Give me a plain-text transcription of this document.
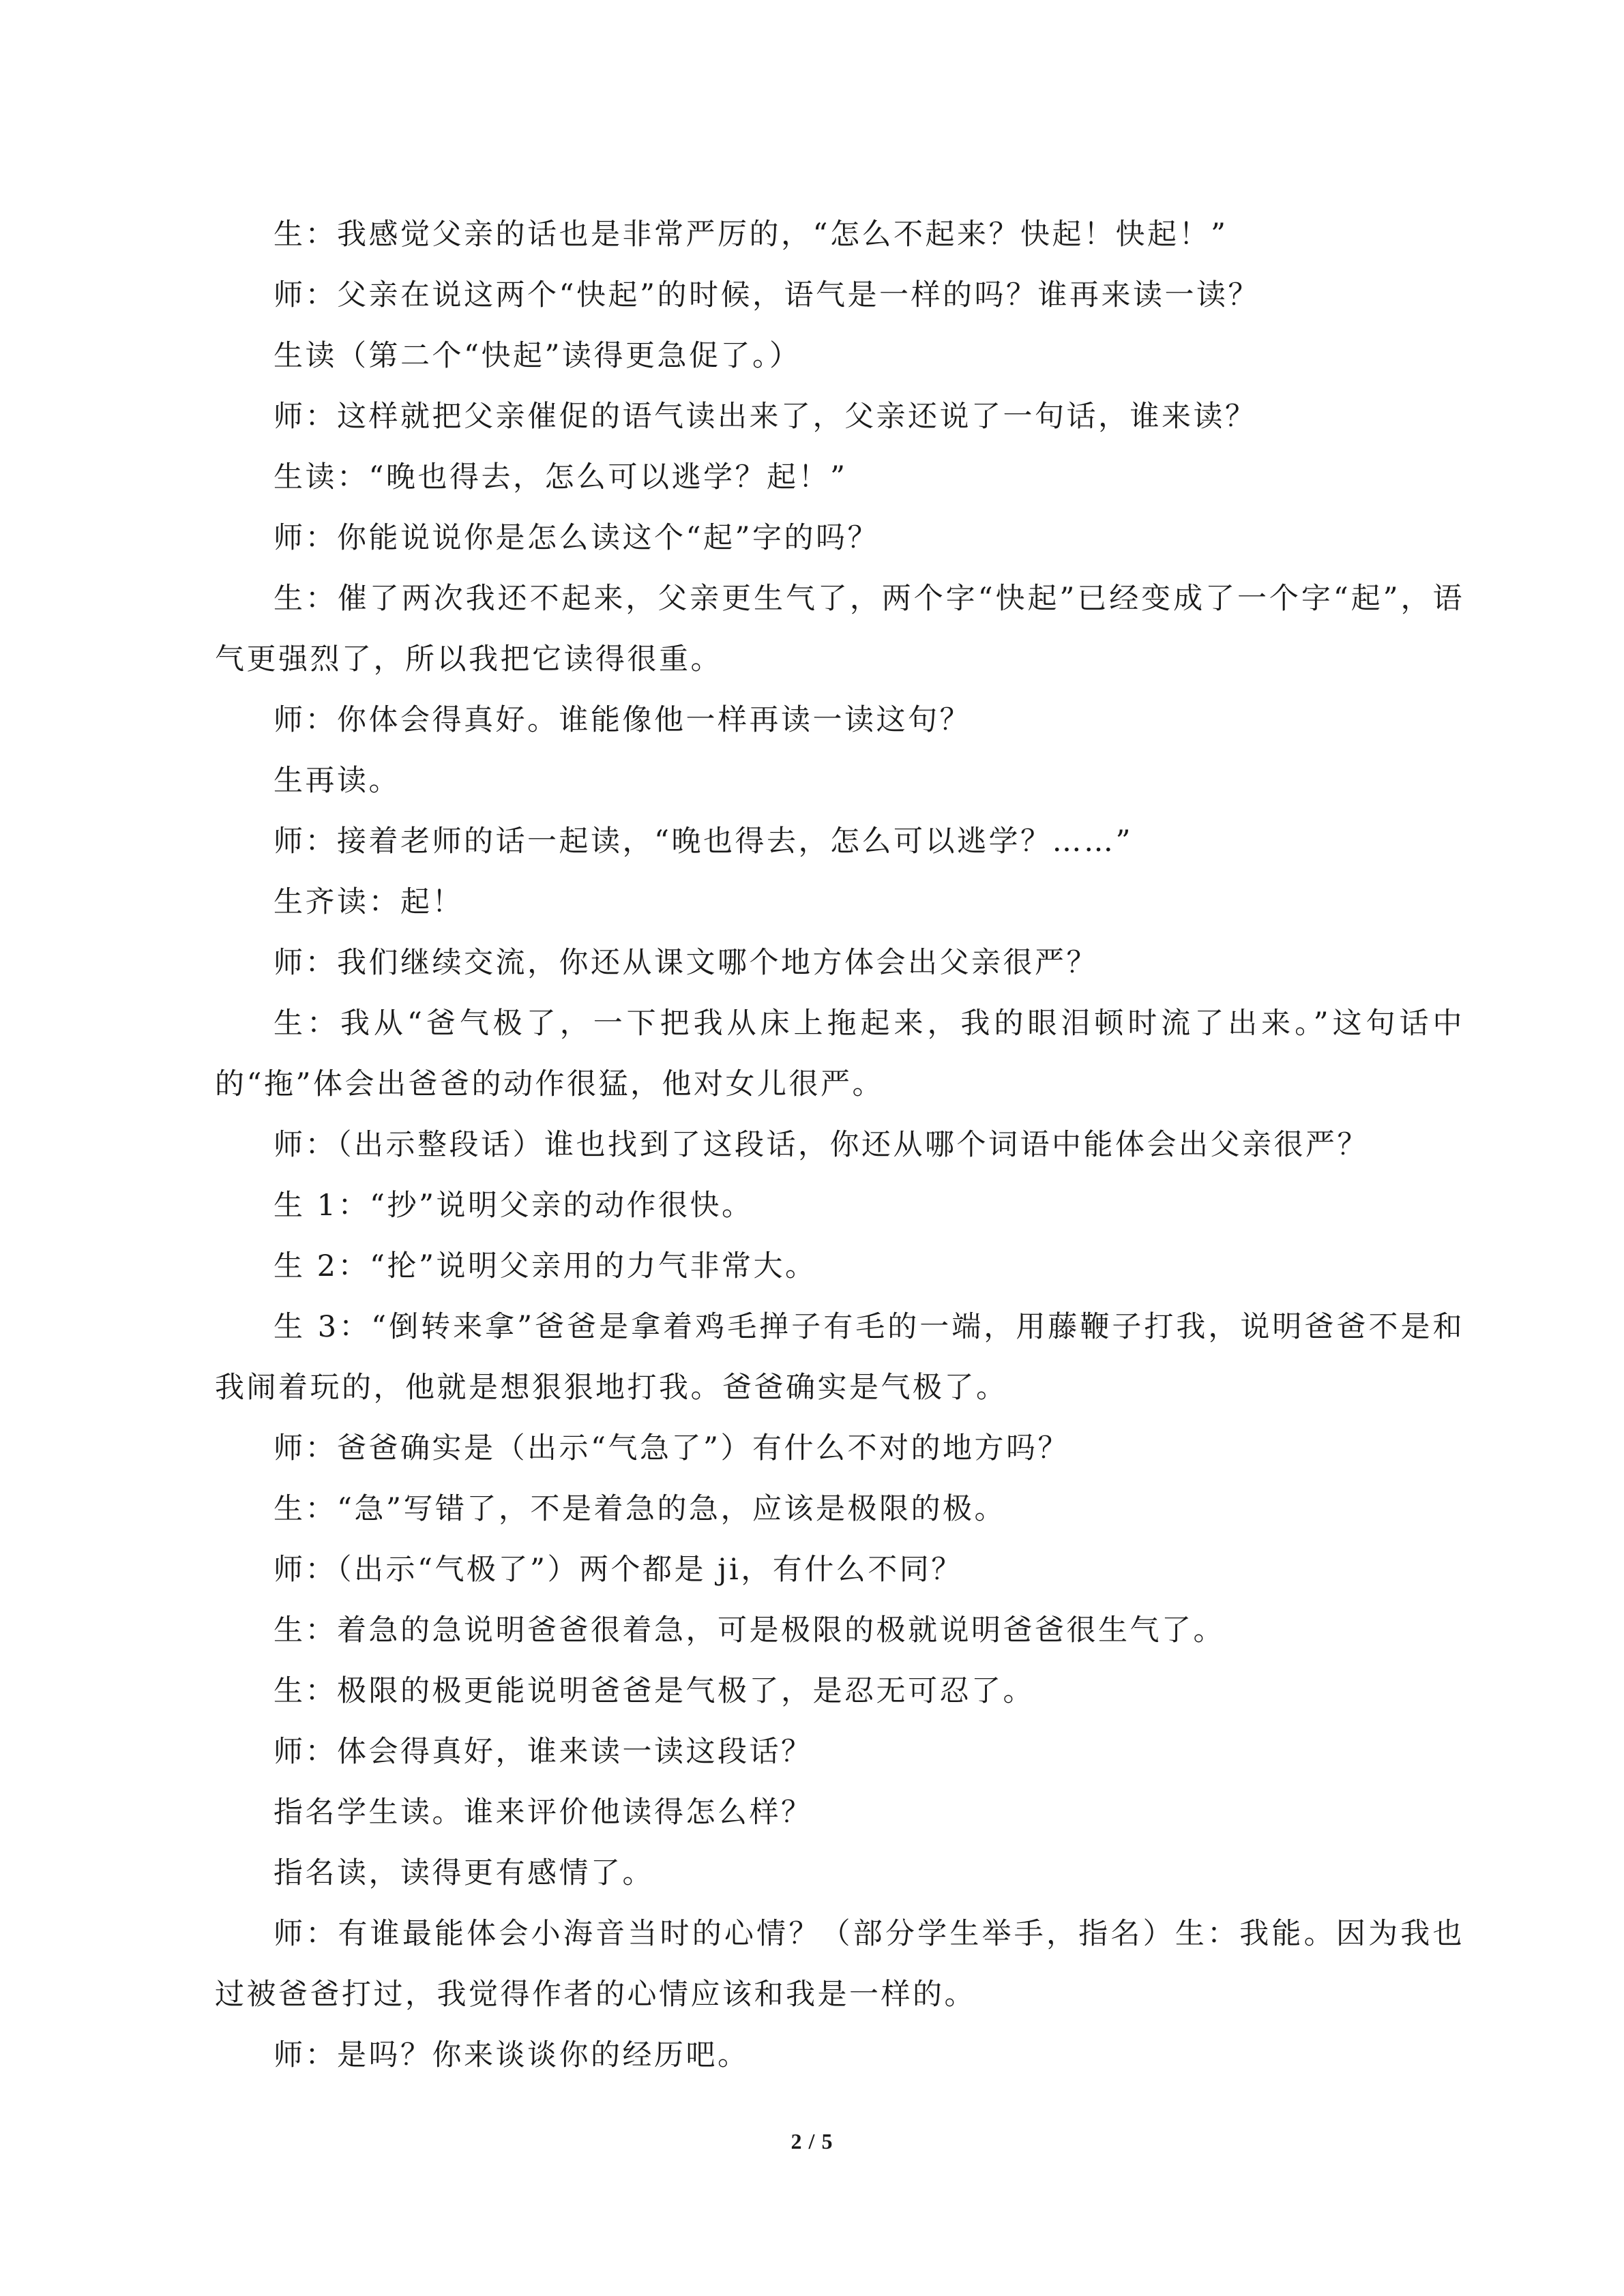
生：我感觉父亲的话也是非常严厉的，“怎么不起来？快起！快起！”

师：父亲在说这两个“快起”的时候，语气是一样的吗？谁再来读一读？

生读（第二个“快起”读得更急促了。）

师：这样就把父亲催促的语气读出来了，父亲还说了一句话，谁来读？

生读：“晚也得去，怎么可以逃学？起！”

师：你能说说你是怎么读这个“起”字的吗？

生：催了两次我还不起来，父亲更生气了，两个字“快起”已经变成了一个字“起”，语气更强烈了，所以我把它读得很重。

师：你体会得真好。谁能像他一样再读一读这句？

生再读。

师：接着老师的话一起读，“晚也得去，怎么可以逃学？……”

生齐读：起！

师：我们继续交流，你还从课文哪个地方体会出父亲很严？

生：我从“爸气极了，一下把我从床上拖起来，我的眼泪顿时流了出来。”这句话中的“拖”体会出爸爸的动作很猛，他对女儿很严。

师：（出示整段话）谁也找到了这段话，你还从哪个词语中能体会出父亲很严？

生 1：“抄”说明父亲的动作很快。

生 2：“抡”说明父亲用的力气非常大。

生 3：“倒转来拿”爸爸是拿着鸡毛掸子有毛的一端，用藤鞭子打我，说明爸爸不是和我闹着玩的，他就是想狠狠地打我。爸爸确实是气极了。

师：爸爸确实是（出示“气急了”）有什么不对的地方吗？

生：“急”写错了，不是着急的急，应该是极限的极。

师：（出示“气极了”）两个都是 ji，有什么不同？

生：着急的急说明爸爸很着急，可是极限的极就说明爸爸很生气了。

生：极限的极更能说明爸爸是气极了，是忍无可忍了。

师：体会得真好，谁来读一读这段话？

指名学生读。谁来评价他读得怎么样？

指名读，读得更有感情了。

师：有谁最能体会小海音当时的心情？（部分学生举手，指名）生：我能。因为我也过被爸爸打过，我觉得作者的心情应该和我是一样的。

师：是吗？你来谈谈你的经历吧。

2 / 5
